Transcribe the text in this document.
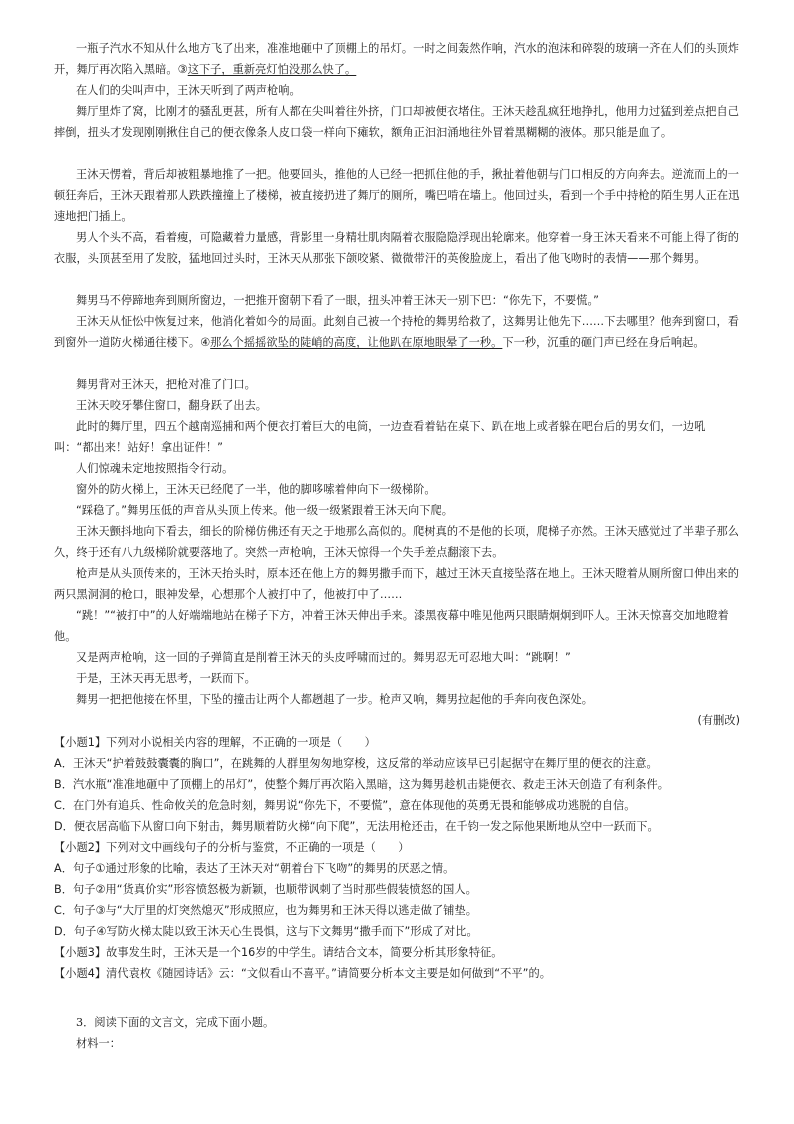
一瓶子汽水不知从什么地方飞了出来，准准地砸中了顶棚上的吊灯。一时之间轰然作响，汽水的泡沫和碎裂的玻璃一齐在人们的头顶炸开，舞厅再次陷入黑暗。③这下子，重新亮灯怕没那么快了。
在人们的尖叫声中，王沐天听到了两声枪响。
舞厅里炸了窝，比刚才的骚乱更甚，所有人都在尖叫着往外挤，门口却被便衣堵住。王沐天趁乱疯狂地挣扎，他用力过猛到差点把自己摔倒，扭头才发现刚刚揪住自己的便衣像条人皮口袋一样向下瘫软，额角正汩汩涌地往外冒着黑糊糊的液体。那只能是血了。
王沐天愣着，背后却被粗暴地推了一把。他要回头，推他的人已经一把抓住他的手，揪扯着他朝与门口相反的方向奔去。逆流而上的一顿狂奔后，王沐天跟着那人跌跌撞撞上了楼梯，被直接扔进了舞厅的厕所，嘴巴啃在墙上。他回过头，看到一个手中持枪的陌生男人正在迅速地把门插上。
男人个头不高，看着瘦，可隐藏着力量感，背影里一身精壮肌肉隔着衣服隐隐浮现出轮廓来。他穿着一身王沐天看来不可能上得了街的衣服，头顶甚至用了发胶，猛地回过头时，王沐天从那张下颌咬紧、微微带汗的英俊脸庞上，看出了他飞吻时的表情——那个舞男。
舞男马不停蹄地奔到厕所窗边，一把推开窗朝下看了一眼，扭头冲着王沐天一别下巴：“你先下，不要慌。”
王沐天从怔忪中恢复过来，他消化着如今的局面。此刻自己被一个持枪的舞男给救了，这舞男让他先下……下去哪里？他奔到窗口，看到窗外一道防火梯通往楼下。④那么个摇摇欲坠的陡峭的高度，让他趴在原地眼晕了一秒。下一秒，沉重的砸门声已经在身后响起。
舞男背对王沐天，把枪对准了门口。
王沐天咬牙攀住窗口，翻身跃了出去。
此时的舞厅里，四五个越南巡捕和两个便衣打着巨大的电筒，一边查看着钻在桌下、趴在地上或者躲在吧台后的男女们，一边吼叫：“都出来！站好！拿出证件！”
人们惊魂未定地按照指令行动。
窗外的防火梯上，王沐天已经爬了一半，他的脚哆嗦着伸向下一级梯阶。
“踩稳了。”舞男压低的声音从头顶上传来。他一级一级紧跟着王沐天向下爬。
王沐天颤抖地向下看去，细长的阶梯仿佛还有天之于地那么高似的。爬树真的不是他的长项，爬梯子亦然。王沐天感觉过了半辈子那么久，终于还有八九级梯阶就要落地了。突然一声枪响，王沐天惊得一个失手差点翻滚下去。
枪声是从头顶传来的，王沐天抬头时，原本还在他上方的舞男撒手而下，越过王沐天直接坠落在地上。王沐天瞪着从厕所窗口伸出来的两只黑洞洞的枪口，眼神发晕，心想那个人被打中了，他被打中了……
“跳！”“被打中”的人好端端地站在梯子下方，冲着王沐天伸出手来。漆黑夜幕中唯见他两只眼睛炯炯到吓人。王沐天惊喜交加地瞪着他。
又是两声枪响，这一回的子弹简直是削着王沐天的头皮呼啸而过的。舞男忍无可忍地大叫：“跳啊！”
于是，王沐天再无思考，一跃而下。
舞男一把把他接在怀里，下坠的撞击让两个人都趔趄了一步。枪声又响，舞男拉起他的手奔向夜色深处。
(有删改)
【小题1】下列对小说相关内容的理解，不正确的一项是（　　）
A．王沐天“护着鼓鼓囊囊的胸口”，在跳舞的人群里匆匆地穿梭，这反常的举动应该早已引起据守在舞厅里的便衣的注意。
B．汽水瓶“准准地砸中了顶棚上的吊灯”，使整个舞厅再次陷入黑暗，这为舞男趁机击毙便衣、救走王沐天创造了有利条件。
C．在门外有追兵、性命攸关的危急时刻，舞男说“你先下，不要慌”，意在体现他的英勇无畏和能够成功逃脱的自信。
D．便衣居高临下从窗口向下射击，舞男顺着防火梯“向下爬”，无法用枪还击，在千钧一发之际他果断地从空中一跃而下。
【小题2】下列对文中画线句子的分析与鉴赏，不正确的一项是（　　）
A．句子①通过形象的比喻，表达了王沐天对“朝着台下飞吻”的舞男的厌恶之情。
B．句子②用“货真价实”形容愤怒极为新颖，也顺带讽刺了当时那些假装愤怒的国人。
C．句子③与“大厅里的灯突然熄灭”形成照应，也为舞男和王沐天得以逃走做了铺垫。
D．句子④写防火梯太陡以致王沐天心生畏惧，这与下文舞男“撒手而下”形成了对比。
【小题3】故事发生时，王沐天是一个16岁的中学生。请结合文本，简要分析其形象特征。
【小题4】清代袁枚《随园诗话》云：“文似看山不喜平。”请简要分析本文主要是如何做到“不平”的。
3．阅读下面的文言文，完成下面小题。
材料一：
